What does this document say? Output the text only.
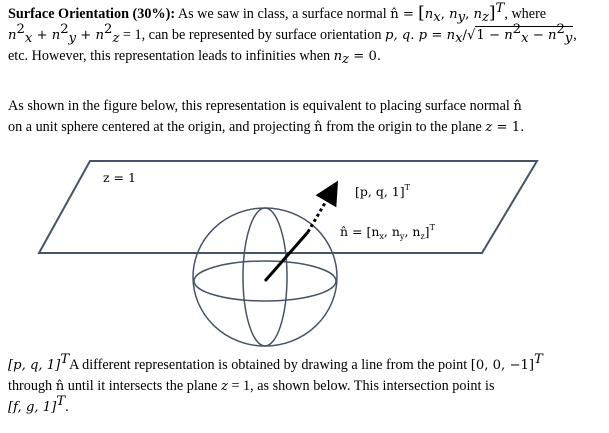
Surface Orientation (30%): As we saw in class, a surface normal n̂ = [$n_x$, $n_y$, $n_z]^T$, where
$n^2_x + n^2_y + n^2_z = 1$, can be represented by surface orientation p, q. $p = n_x/√1 - n^2_x - n^2_y$,
etc. However, this representation leads to infinities when $n_z = 0$.
As shown in the figure below, this representation is equivalent to placing surface normal n̂
on a unit sphere centered at the origin, and projecting n̂ from the origin to the plane z = 1.
z = 1
[p, q, 1]$^T$
n̂ = [$n_x$, $n_y$, $n_z]^T$
[p, q, 1]$^T$A different representation is obtained by drawing a line from the point [0, 0, −1]$^T$
through n̂ until it intersects the plane z = 1, as shown below. This intersection point is
[f, g, 1]$^T$.
